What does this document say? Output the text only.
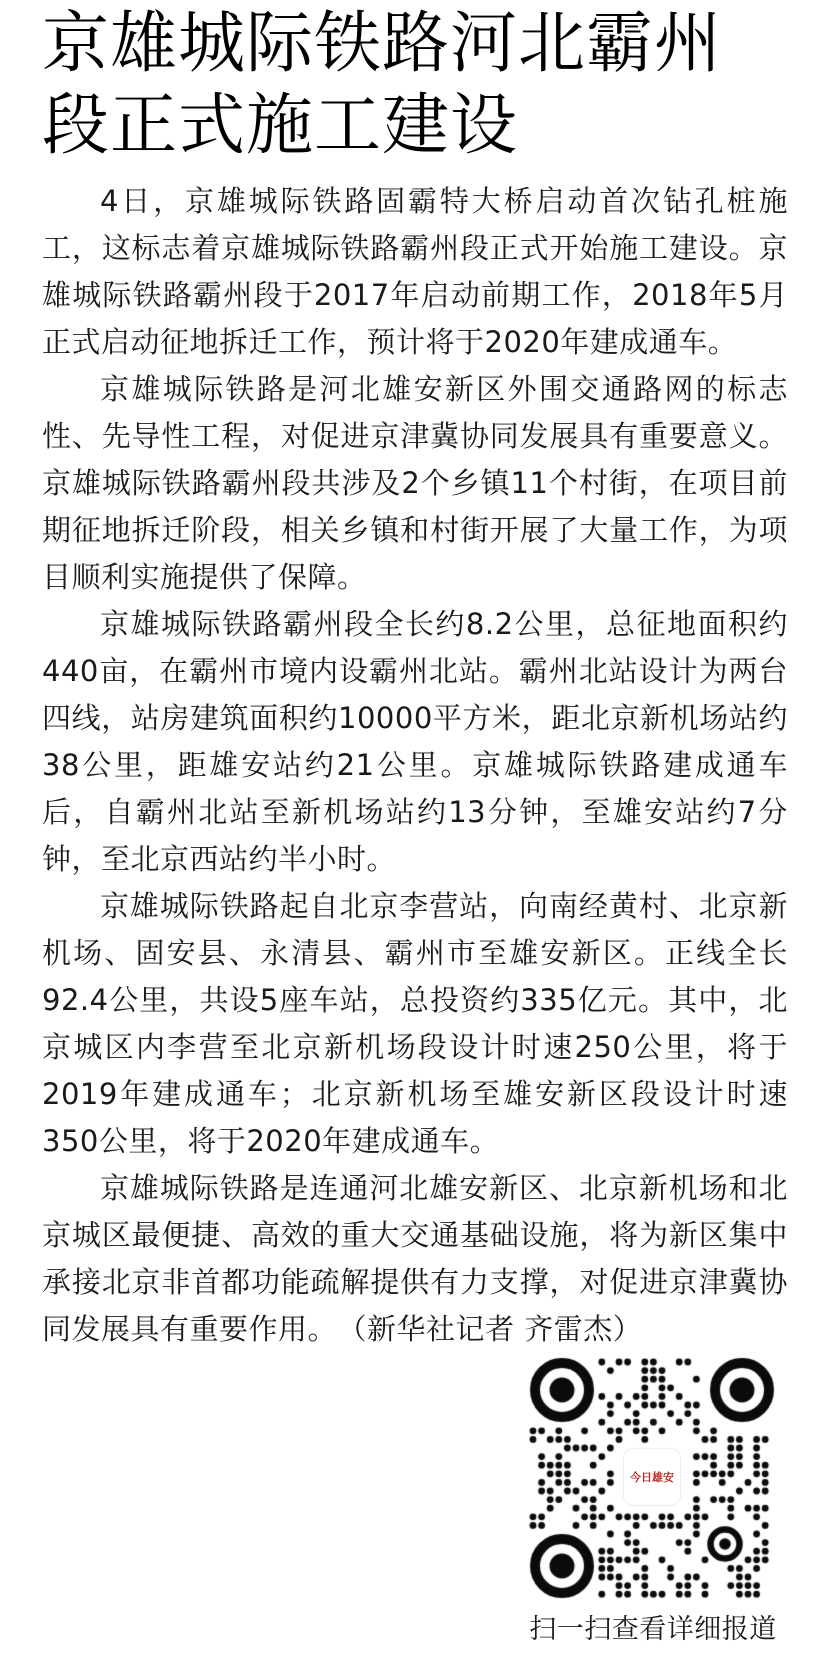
京雄城际铁路河北霸州段正式施工建设

4日，京雄城际铁路固霸特大桥启动首次钻孔桩施工，这标志着京雄城际铁路霸州段正式开始施工建设。京雄城际铁路霸州段于2017年启动前期工作，2018年5月正式启动征地拆迁工作，预计将于2020年建成通车。

京雄城际铁路是河北雄安新区外围交通路网的标志性、先导性工程，对促进京津冀协同发展具有重要意义。京雄城际铁路霸州段共涉及2个乡镇11个村街，在项目前期征地拆迁阶段，相关乡镇和村街开展了大量工作，为项目顺利实施提供了保障。

京雄城际铁路霸州段全长约8.2公里，总征地面积约440亩，在霸州市境内设霸州北站。霸州北站设计为两台四线，站房建筑面积约10000平方米，距北京新机场站约38公里，距雄安站约21公里。京雄城际铁路建成通车后，自霸州北站至新机场站约13分钟，至雄安站约7分钟，至北京西站约半小时。

京雄城际铁路起自北京李营站，向南经黄村、北京新机场、固安县、永清县、霸州市至雄安新区。正线全长92.4公里，共设5座车站，总投资约335亿元。其中，北京城区内李营至北京新机场段设计时速250公里，将于2019年建成通车；北京新机场至雄安新区段设计时速350公里，将于2020年建成通车。

京雄城际铁路是连通河北雄安新区、北京新机场和北京城区最便捷、高效的重大交通基础设施，将为新区集中承接北京非首都功能疏解提供有力支撑，对促进京津冀协同发展具有重要作用。　（新华社记者 齐雷杰）

今日雄安
扫一扫查看详细报道
